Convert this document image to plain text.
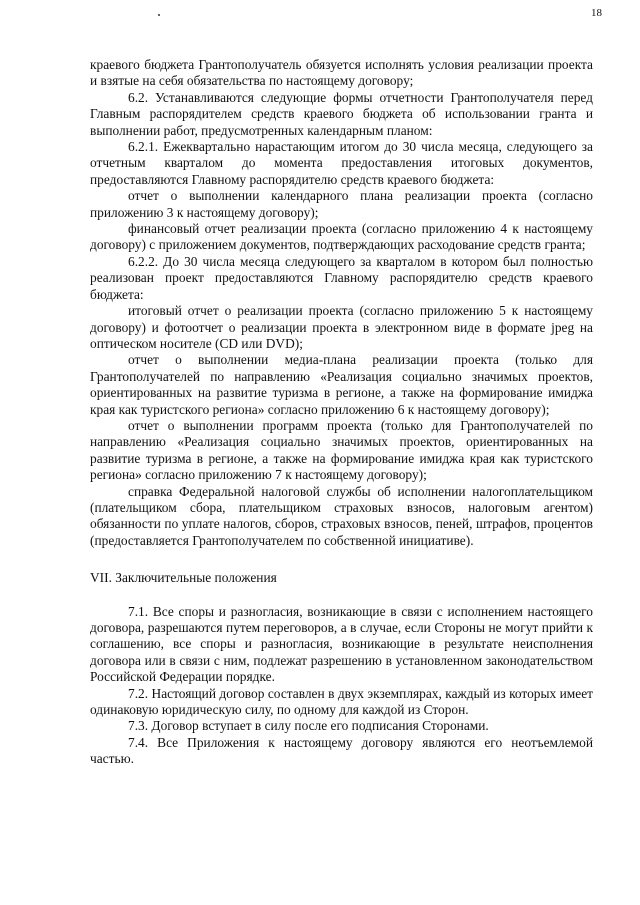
18
краевого бюджета Грантополучатель обязуется исполнять условия реализации проекта и взятые на себя обязательства по настоящему договору;
6.2. Устанавливаются следующие формы отчетности Грантополучателя перед Главным распорядителем средств краевого бюджета об использовании гранта и выполнении работ, предусмотренных календарным планом:
6.2.1. Ежеквартально нарастающим итогом до 30 числа месяца, следующего за отчетным кварталом до момента предоставления итоговых документов, предоставляются Главному распорядителю средств краевого бюджета:
отчет о выполнении календарного плана реализации проекта (согласно приложению 3 к настоящему договору);
финансовый отчет реализации проекта (согласно приложению 4 к настоящему договору) с приложением документов, подтверждающих расходование средств гранта;
6.2.2. До 30 числа месяца следующего за кварталом в котором был полностью реализован проект предоставляются Главному распорядителю средств краевого бюджета:
итоговый отчет о реализации проекта (согласно приложению 5 к настоящему договору) и фотоотчет о реализации проекта в электронном виде в формате jpeg на оптическом носителе (CD или DVD);
отчет о выполнении медиа-плана реализации проекта (только для Грантополучателей по направлению «Реализация социально значимых проектов, ориентированных на развитие туризма в регионе, а также на формирование имиджа края как туристского региона» согласно приложению 6 к настоящему договору);
отчет о выполнении программ проекта (только для Грантополучателей по направлению «Реализация социально значимых проектов, ориентированных на развитие туризма в регионе, а также на формирование имиджа края как туристского региона» согласно приложению 7 к настоящему договору);
справка Федеральной налоговой службы об исполнении налогоплательщиком (плательщиком сбора, плательщиком страховых взносов, налоговым агентом) обязанности по уплате налогов, сборов, страховых взносов, пеней, штрафов, процентов (предоставляется Грантополучателем по собственной инициативе).
VII. Заключительные положения
7.1. Все споры и разногласия, возникающие в связи с исполнением настоящего договора, разрешаются путем переговоров, а в случае, если Стороны не могут прийти к соглашению, все споры и разногласия, возникающие в результате неисполнения договора или в связи с ним, подлежат разрешению в установленном законодательством Российской Федерации порядке.
7.2. Настоящий договор составлен в двух экземплярах, каждый из которых имеет одинаковую юридическую силу, по одному для каждой из Сторон.
7.3. Договор вступает в силу после его подписания Сторонами.
7.4. Все Приложения к настоящему договору являются его неотъемлемой частью.
